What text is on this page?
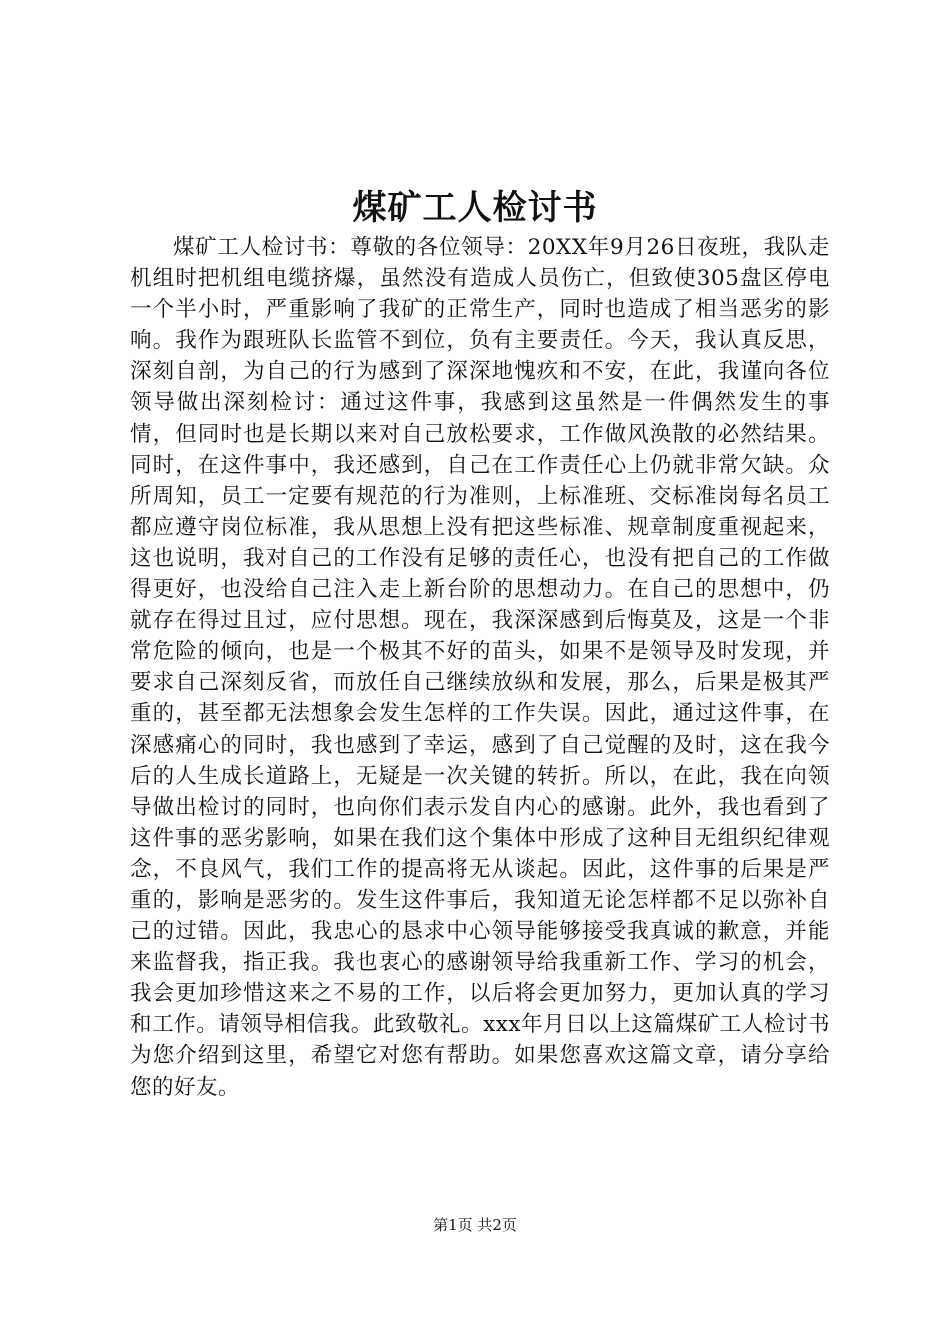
煤矿工人检讨书

煤矿工人检讨书：尊敬的各位领导：20XX年9月26日夜班，我队走机组时把机组电缆挤爆，虽然没有造成人员伤亡，但致使305盘区停电一个半小时，严重影响了我矿的正常生产，同时也造成了相当恶劣的影响。我作为跟班队长监管不到位，负有主要责任。今天，我认真反思，深刻自剖，为自己的行为感到了深深地愧疚和不安，在此，我谨向各位领导做出深刻检讨：通过这件事，我感到这虽然是一件偶然发生的事情，但同时也是长期以来对自己放松要求，工作做风涣散的必然结果。同时，在这件事中，我还感到，自己在工作责任心上仍就非常欠缺。众所周知，员工一定要有规范的行为准则，上标准班、交标准岗每名员工都应遵守岗位标准，我从思想上没有把这些标准、规章制度重视起来，这也说明，我对自己的工作没有足够的责任心，也没有把自己的工作做得更好，也没给自己注入走上新台阶的思想动力。在自己的思想中，仍就存在得过且过，应付思想。现在，我深深感到后悔莫及，这是一个非常危险的倾向，也是一个极其不好的苗头，如果不是领导及时发现，并要求自己深刻反省，而放任自己继续放纵和发展，那么，后果是极其严重的，甚至都无法想象会发生怎样的工作失误。因此，通过这件事，在深感痛心的同时，我也感到了幸运，感到了自己觉醒的及时，这在我今后的人生成长道路上，无疑是一次关键的转折。所以，在此，我在向领导做出检讨的同时，也向你们表示发自内心的感谢。此外，我也看到了这件事的恶劣影响，如果在我们这个集体中形成了这种目无组织纪律观念，不良风气，我们工作的提高将无从谈起。因此，这件事的后果是严重的，影响是恶劣的。发生这件事后，我知道无论怎样都不足以弥补自己的过错。因此，我忠心的恳求中心领导能够接受我真诚的歉意，并能来监督我，指正我。我也衷心的感谢领导给我重新工作、学习的机会，我会更加珍惜这来之不易的工作，以后将会更加努力，更加认真的学习和工作。请领导相信我。此致敬礼。xxx年月日以上这篇煤矿工人检讨书为您介绍到这里，希望它对您有帮助。如果您喜欢这篇文章，请分享给您的好友。

第1页 共2页
